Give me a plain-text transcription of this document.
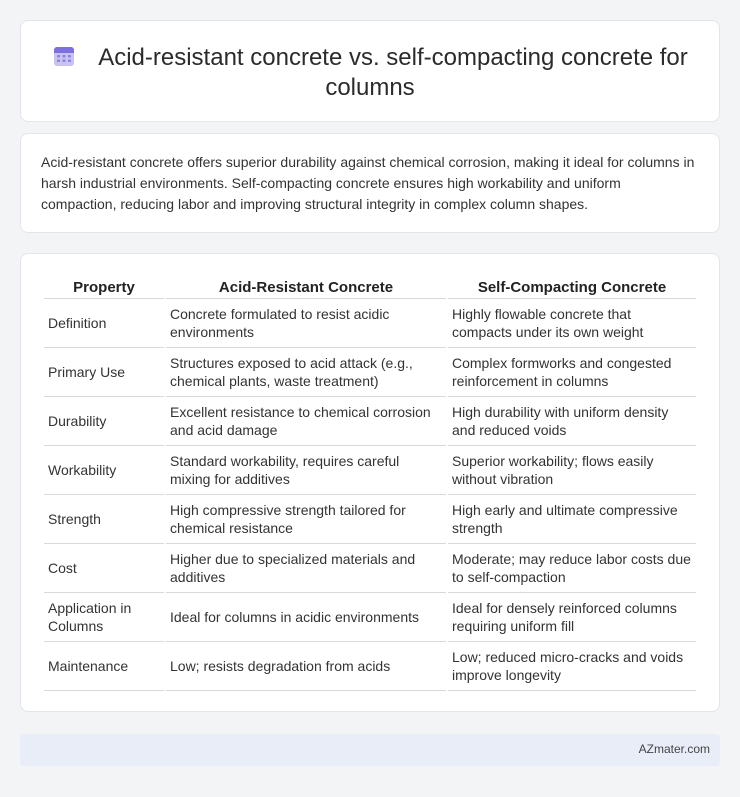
Acid-resistant concrete vs. self-compacting concrete for columns

Acid-resistant concrete offers superior durability against chemical corrosion, making it ideal for columns in harsh industrial environments. Self-compacting concrete ensures high workability and uniform compaction, reducing labor and improving structural integrity in complex column shapes.

Property	Acid-Resistant Concrete	Self-Compacting Concrete
Definition	Concrete formulated to resist acidic environments	Highly flowable concrete that compacts under its own weight
Primary Use	Structures exposed to acid attack (e.g., chemical plants, waste treatment)	Complex formworks and congested reinforcement in columns
Durability	Excellent resistance to chemical corrosion and acid damage	High durability with uniform density and reduced voids
Workability	Standard workability, requires careful mixing for additives	Superior workability; flows easily without vibration
Strength	High compressive strength tailored for chemical resistance	High early and ultimate compressive strength
Cost	Higher due to specialized materials and additives	Moderate; may reduce labor costs due to self-compaction
Application in Columns	Ideal for columns in acidic environments	Ideal for densely reinforced columns requiring uniform fill
Maintenance	Low; resists degradation from acids	Low; reduced micro-cracks and voids improve longevity
AZmater.com
